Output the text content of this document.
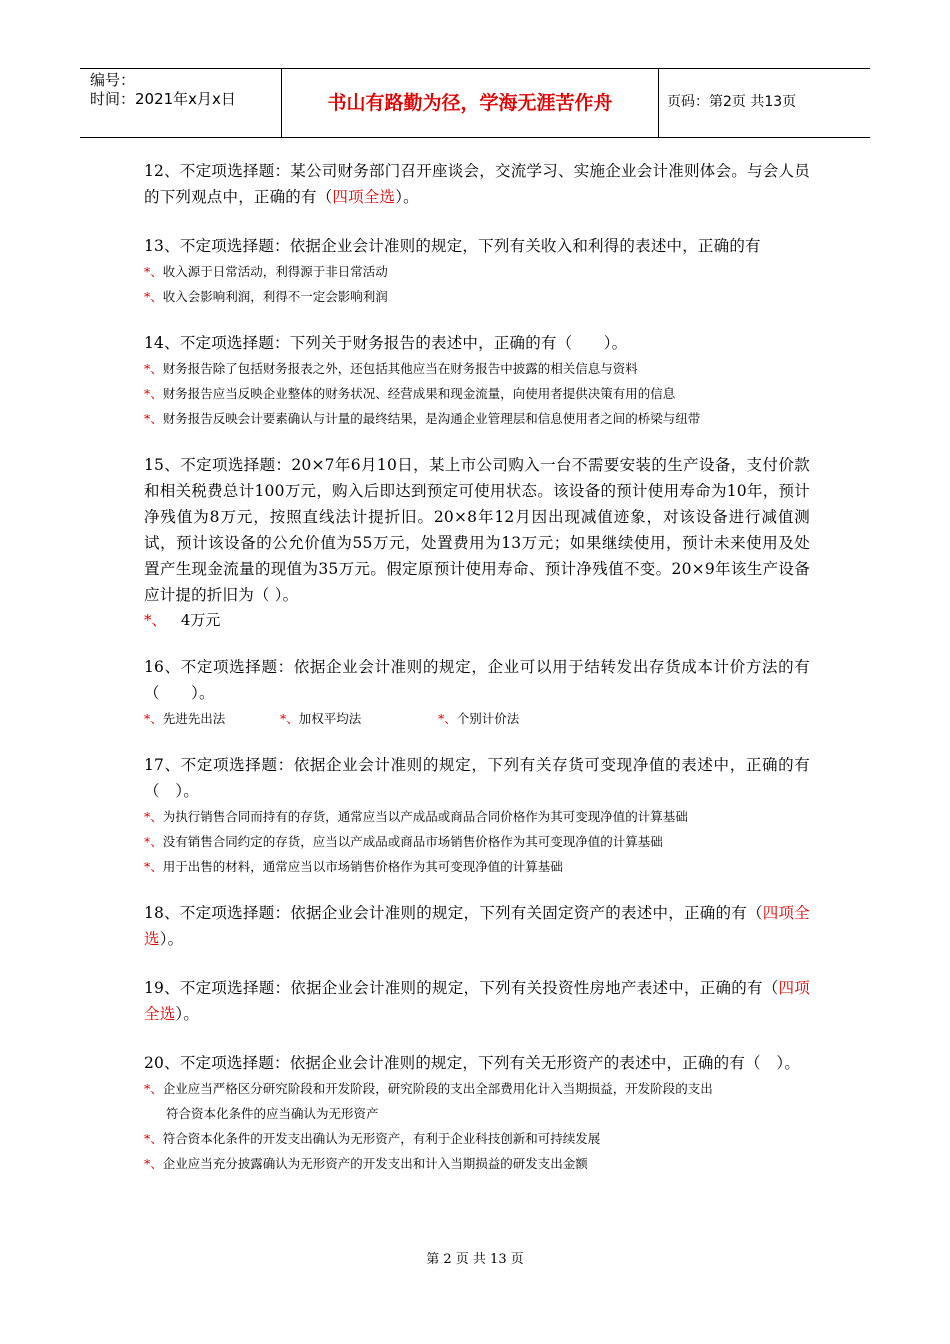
编号：
时间：2021年x月x日	书山有路勤为径，学海无涯苦作舟	页码：第2页 共13页

12、不定项选择题：某公司财务部门召开座谈会，交流学习、实施企业会计准则体会。与会人员的下列观点中，正确的有（四项全选）。

13、不定项选择题：依据企业会计准则的规定，下列有关收入和利得的表述中，正确的有

*、收入源于日常活动，利得源于非日常活动

*、收入会影响利润，利得不一定会影响利润

14、不定项选择题：下列关于财务报告的表述中，正确的有（　　）。

*、财务报告除了包括财务报表之外，还包括其他应当在财务报告中披露的相关信息与资料

*、财务报告应当反映企业整体的财务状况、经营成果和现金流量，向使用者提供决策有用的信息

*、财务报告反映会计要素确认与计量的最终结果，是沟通企业管理层和信息使用者之间的桥梁与纽带

15、不定项选择题：20×7年6月10日，某上市公司购入一台不需要安装的生产设备，支付价款和相关税费总计100万元，购入后即达到预定可使用状态。该设备的预计使用寿命为10年，预计净残值为8万元，按照直线法计提折旧。20×8年12月因出现减值迹象，对该设备进行减值测试，预计该设备的公允价值为55万元，处置费用为13万元；如果继续使用，预计未来使用及处置产生现金流量的现值为35万元。假定原预计使用寿命、预计净残值不变。20×9年该生产设备应计提的折旧为（ ）。

*、 4万元

16、不定项选择题：依据企业会计准则的规定，企业可以用于结转发出存货成本计价方法的有（　　）。

*、先进先出法	*、加权平均法	*、个别计价法

17、不定项选择题：依据企业会计准则的规定，下列有关存货可变现净值的表述中，正确的有（　）。

*、为执行销售合同而持有的存货，通常应当以产成品或商品合同价格作为其可变现净值的计算基础

*、没有销售合同约定的存货，应当以产成品或商品市场销售价格作为其可变现净值的计算基础

*、用于出售的材料，通常应当以市场销售价格作为其可变现净值的计算基础

18、不定项选择题：依据企业会计准则的规定，下列有关固定资产的表述中，正确的有（四项全选）。

19、不定项选择题：依据企业会计准则的规定，下列有关投资性房地产表述中，正确的有（四项全选）。

20、不定项选择题：依据企业会计准则的规定，下列有关无形资产的表述中，正确的有（　）。

*、企业应当严格区分研究阶段和开发阶段，研究阶段的支出全部费用化计入当期损益，开发阶段的支出

符合资本化条件的应当确认为无形资产

*、符合资本化条件的开发支出确认为无形资产，有利于企业科技创新和可持续发展

*、企业应当充分披露确认为无形资产的开发支出和计入当期损益的研发支出金额

第 2 页 共 13 页
